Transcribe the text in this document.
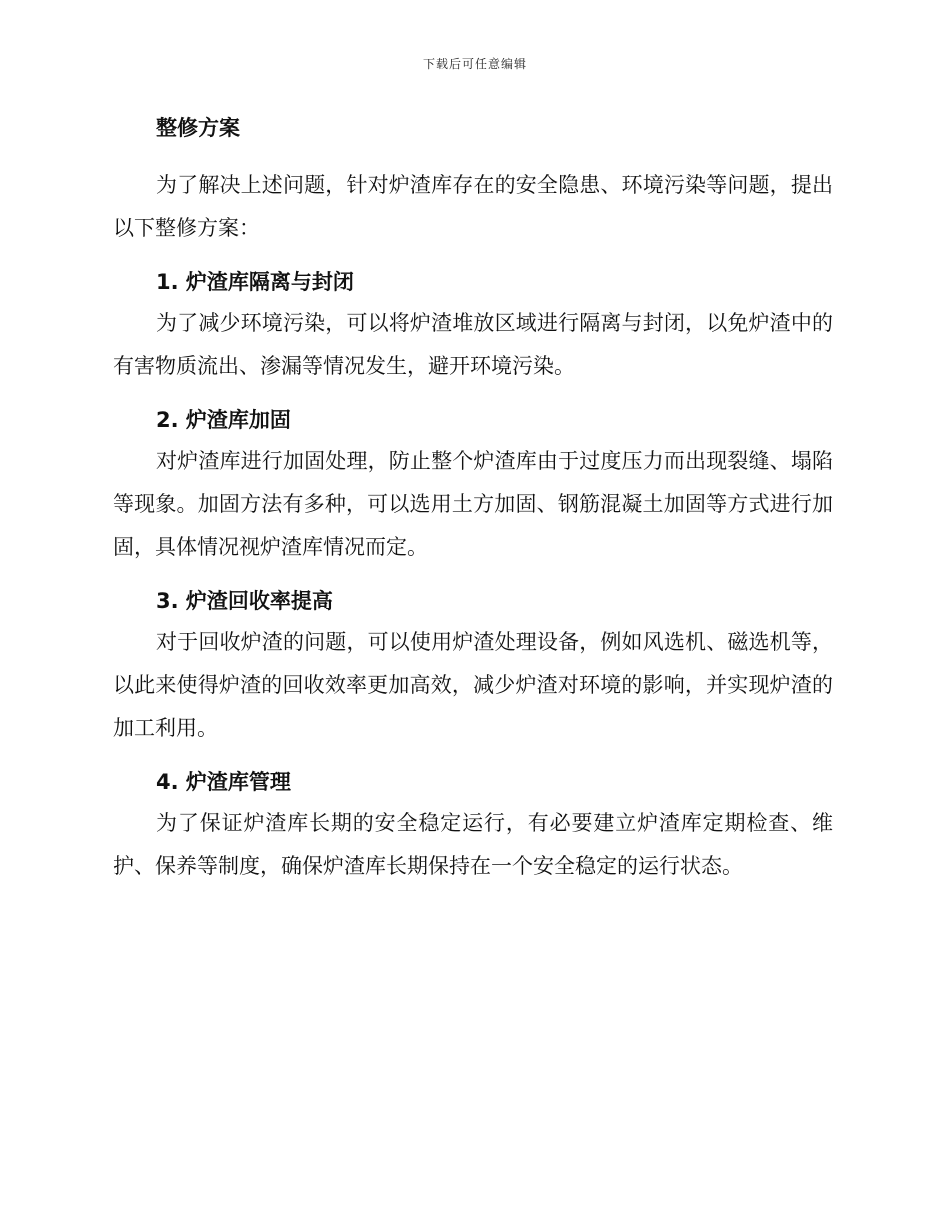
下载后可任意编辑
整修方案

为了解决上述问题，针对炉渣库存在的安全隐患、环境污染等问题，提出以下整修方案：

1. 炉渣库隔离与封闭

为了减少环境污染，可以将炉渣堆放区域进行隔离与封闭，以免炉渣中的有害物质流出、渗漏等情况发生，避开环境污染。

2. 炉渣库加固

对炉渣库进行加固处理，防止整个炉渣库由于过度压力而出现裂缝、塌陷等现象。加固方法有多种，可以选用土方加固、钢筋混凝土加固等方式进行加固，具体情况视炉渣库情况而定。

3. 炉渣回收率提高

对于回收炉渣的问题，可以使用炉渣处理设备，例如风选机、磁选机等，以此来使得炉渣的回收效率更加高效，减少炉渣对环境的影响，并实现炉渣的加工利用。

4. 炉渣库管理

为了保证炉渣库长期的安全稳定运行，有必要建立炉渣库定期检查、维护、保养等制度，确保炉渣库长期保持在一个安全稳定的运行状态。
